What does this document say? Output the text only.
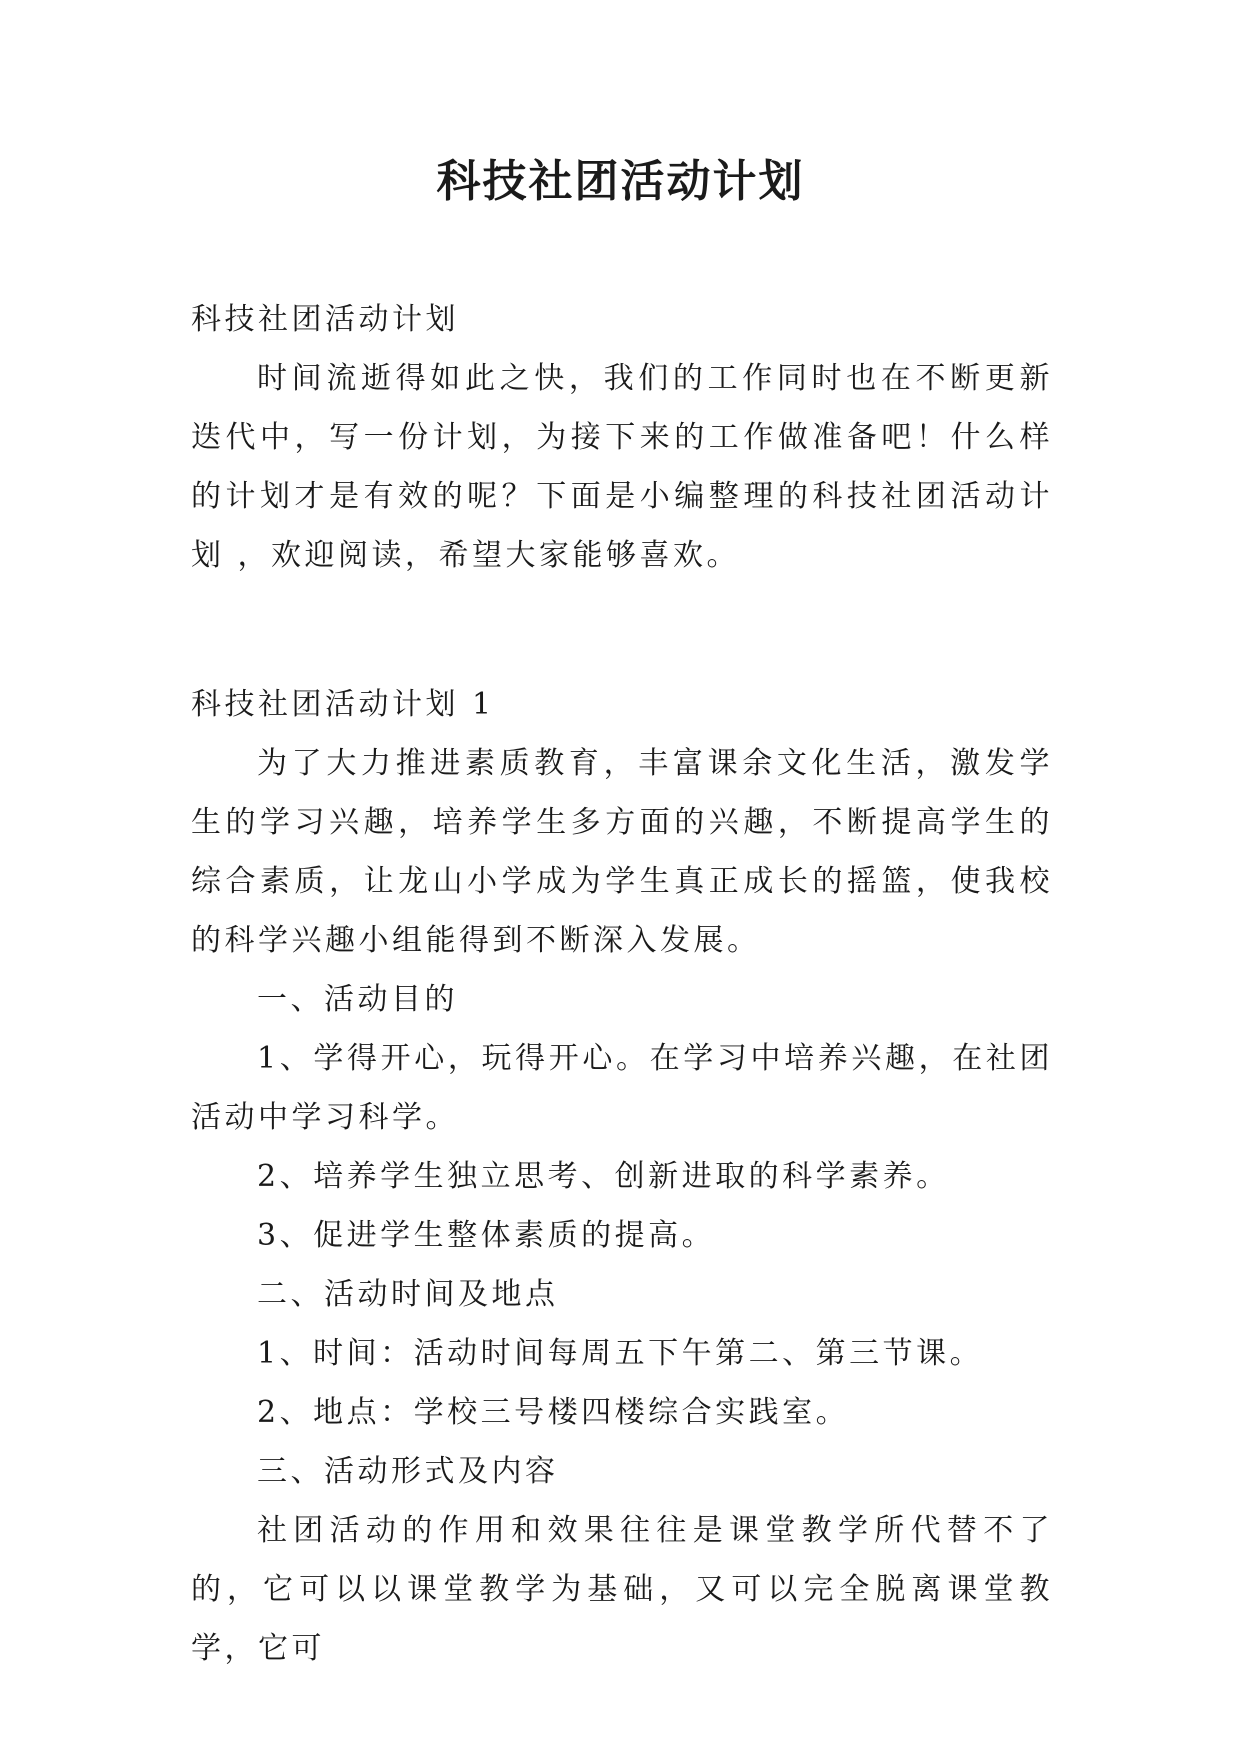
科技社团活动计划

科技社团活动计划

时间流逝得如此之快，我们的工作同时也在不断更新迭代中，写一份计划，为接下来的工作做准备吧！什么样的计划才是有效的呢？下面是小编整理的科技社团活动计划 ，欢迎阅读，希望大家能够喜欢。

科技社团活动计划 1

为了大力推进素质教育，丰富课余文化生活，激发学生的学习兴趣，培养学生多方面的兴趣，不断提高学生的综合素质，让龙山小学成为学生真正成长的摇篮，使我校的科学兴趣小组能得到不断深入发展。

一、活动目的

1、学得开心，玩得开心。在学习中培养兴趣，在社团活动中学习科学。

2、培养学生独立思考、创新进取的科学素养。

3、促进学生整体素质的提高。

二、活动时间及地点

1、时间：活动时间每周五下午第二、第三节课。

2、地点：学校三号楼四楼综合实践室。

三、活动形式及内容

社团活动的作用和效果往往是课堂教学所代替不了的，它可以以课堂教学为基础，又可以完全脱离课堂教学，它可
